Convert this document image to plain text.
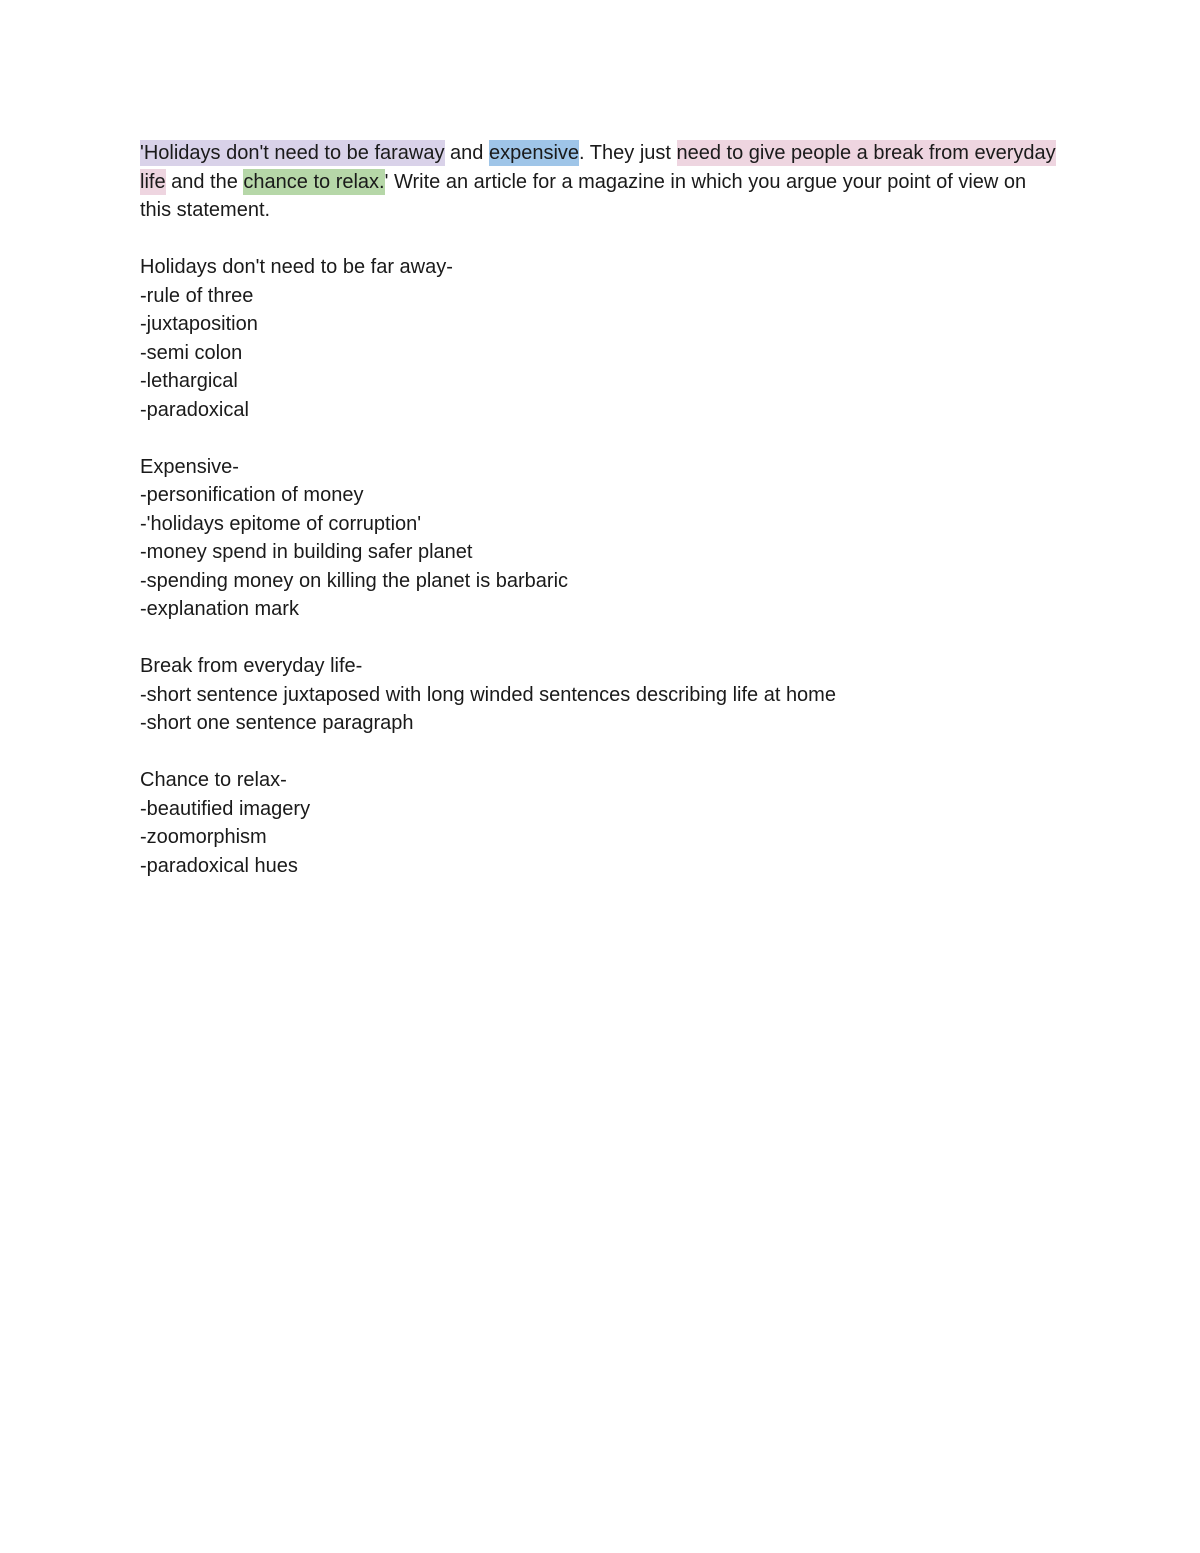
'Holidays don't need to be faraway and expensive. They just need to give people a break from everyday life and the chance to relax.' Write an article for a magazine in which you argue your point of view on this statement.

Holidays don't need to be far away-

-rule of three

-juxtaposition

-semi colon

-lethargical

-paradoxical

Expensive-

-personification of money

-'holidays epitome of corruption'

-money spend in building safer planet

-spending money on killing the planet is barbaric

-explanation mark

Break from everyday life-

-short sentence juxtaposed with long winded sentences describing life at home

-short one sentence paragraph

Chance to relax-

-beautified imagery

-zoomorphism

-paradoxical hues
